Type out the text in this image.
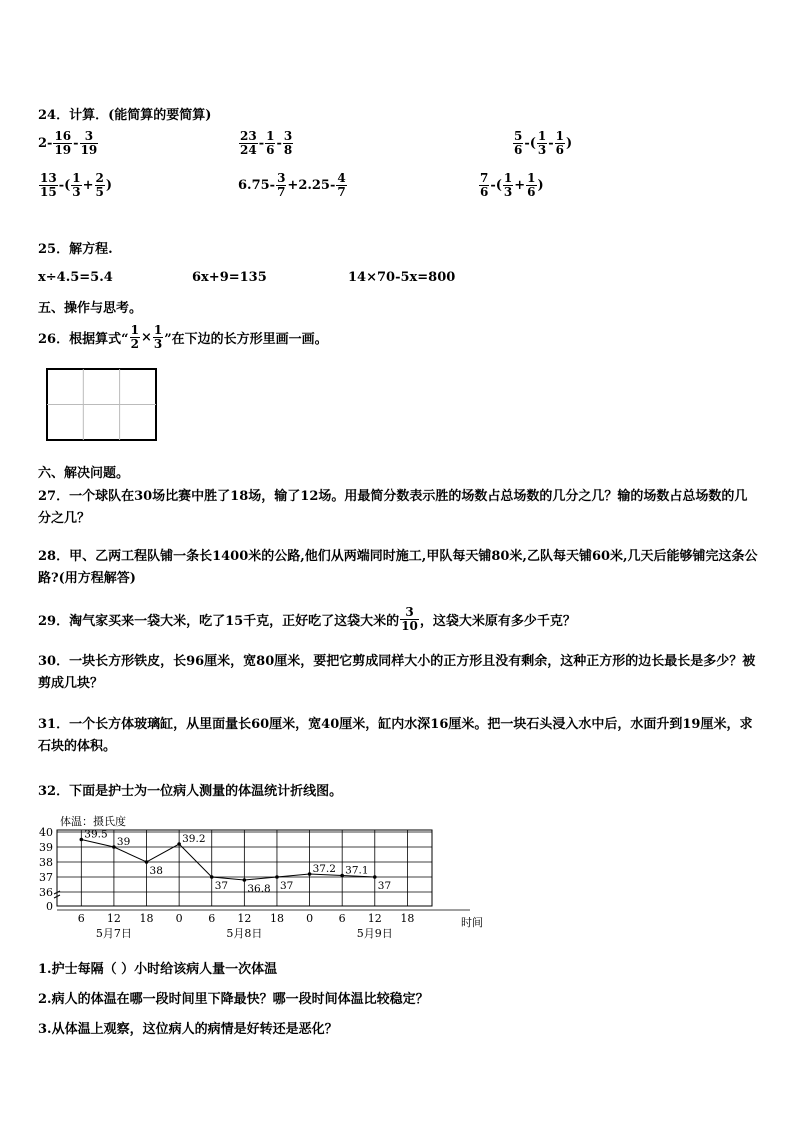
24．计算．(能简算的要简算)
$2- \frac{16}{19} - \frac{3}{19}$	$\frac{23}{24} - \frac{1}{6} - \frac{3}{8}$	$\frac{5}{6}$ -( $\frac{1}{3} - \frac{1}{6}$ )
$\frac{13}{15}$ -( $\frac{1}{3} + \frac{2}{5}$ )	$6.75- \frac{3}{7} +2.25- \frac{4}{7}$	$\frac{7}{6}$ -( $\frac{1}{3} + \frac{1}{6}$ )
25．解方程.
x÷4.5=5.4	6x+9=135	14×70-5x=800
五、操作与思考。
26．根据算式“ $\frac{1}{2} \times \frac{1}{3}$ ”在下边的长方形里画一画。
六、解决问题。
27．一个球队在30场比赛中胜了18场，输了12场。用最简分数表示胜的场数占总场数的几分之几？输的场数占总场数的几分之几？
28．甲、乙两工程队铺一条长1400米的公路,他们从两端同时施工,甲队每天铺80米,乙队每天铺60米,几天后能够铺完这条公路?(用方程解答)
29．淘气家买来一袋大米，吃了15千克，正好吃了这袋大米的 $\frac{3}{10}$ ，这袋大米原有多少千克？
30．一块长方形铁皮，长96厘米，宽80厘米，要把它剪成同样大小的正方形且没有剩余，这种正方形的边长最长是多少？被剪成几块？
31．一个长方体玻璃缸，从里面量长60厘米，宽40厘米，缸内水深16厘米。把一块石头浸入水中后，水面升到19厘米，求石块的体积。
32．下面是护士为一位病人测量的体温统计折线图。
体温：摄氏度
40
39
38
37
36
0
6 12 18 0 6 12 18 0 6 12 18	时间
5月7日	5月8日	5月9日
39.5
39
38
39.2
37 36.8 37
37.2 37.1
37
1.护士每隔（ ）小时给该病人量一次体温
2.病人的体温在哪一段时间里下降最快？哪一段时间体温比较稳定？
3.从体温上观察，这位病人的病情是好转还是恶化？
